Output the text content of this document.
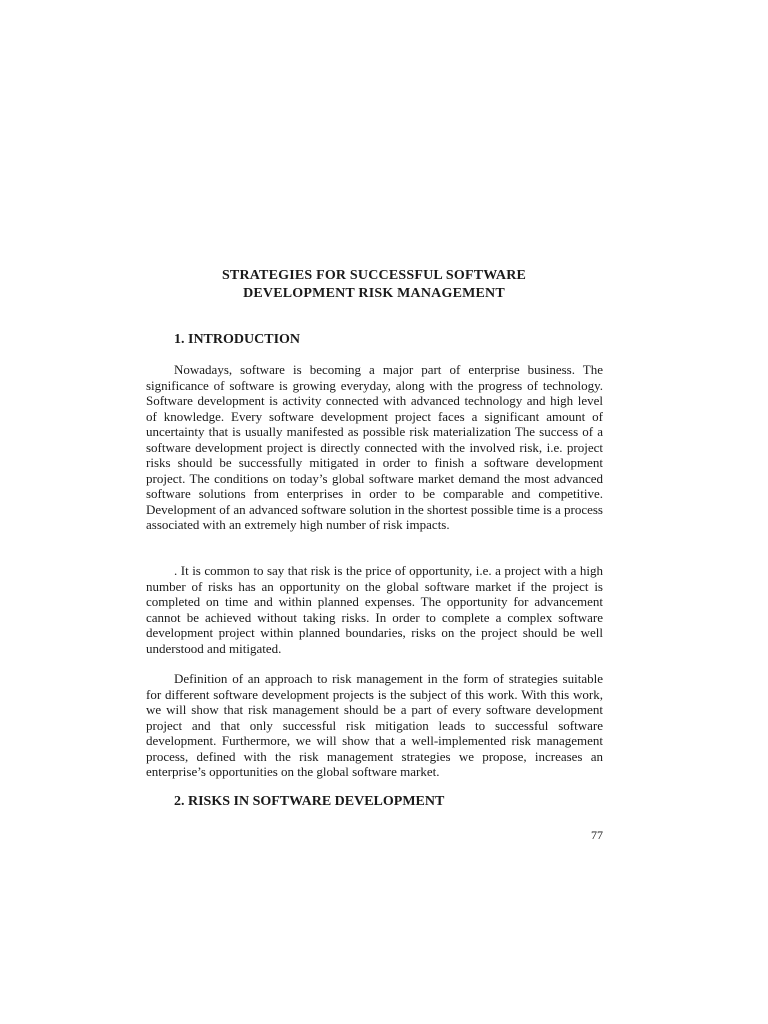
STRATEGIES FOR SUCCESSFUL SOFTWARE
DEVELOPMENT RISK MANAGEMENT
1. INTRODUCTION

Nowadays, software is becoming a major part of enterprise business. The significance of software is growing everyday, along with the progress of technology. Software development is activity connected with advanced technology and high level of knowledge. Every software development project faces a significant amount of uncertainty that is usually manifested as possible risk materialization The success of a software development project is directly connected with the involved risk, i.e. project risks should be successfully mitigated in order to finish a software development project. The conditions on today’s global software market demand the most advanced software solutions from enterprises in order to be comparable and competitive. Development of an advanced software solution in the shortest possible time is a process associated with an extremely high number of risk impacts.

. It is common to say that risk is the price of opportunity, i.e. a project with a high number of risks has an opportunity on the global software market if the project is completed on time and within planned expenses. The opportunity for advancement cannot be achieved without taking risks. In order to complete a complex software development project within planned boundaries, risks on the project should be well understood and mitigated.

Definition of an approach to risk management in the form of strategies suitable for different software development projects is the subject of this work. With this work, we will show that risk management should be a part of every software development project and that only successful risk mitigation leads to successful software development. Furthermore, we will show that a well-implemented risk management process, defined with the risk management strategies we propose, increases an enterprise’s opportunities on the global software market.

2. RISKS IN SOFTWARE DEVELOPMENT
77
